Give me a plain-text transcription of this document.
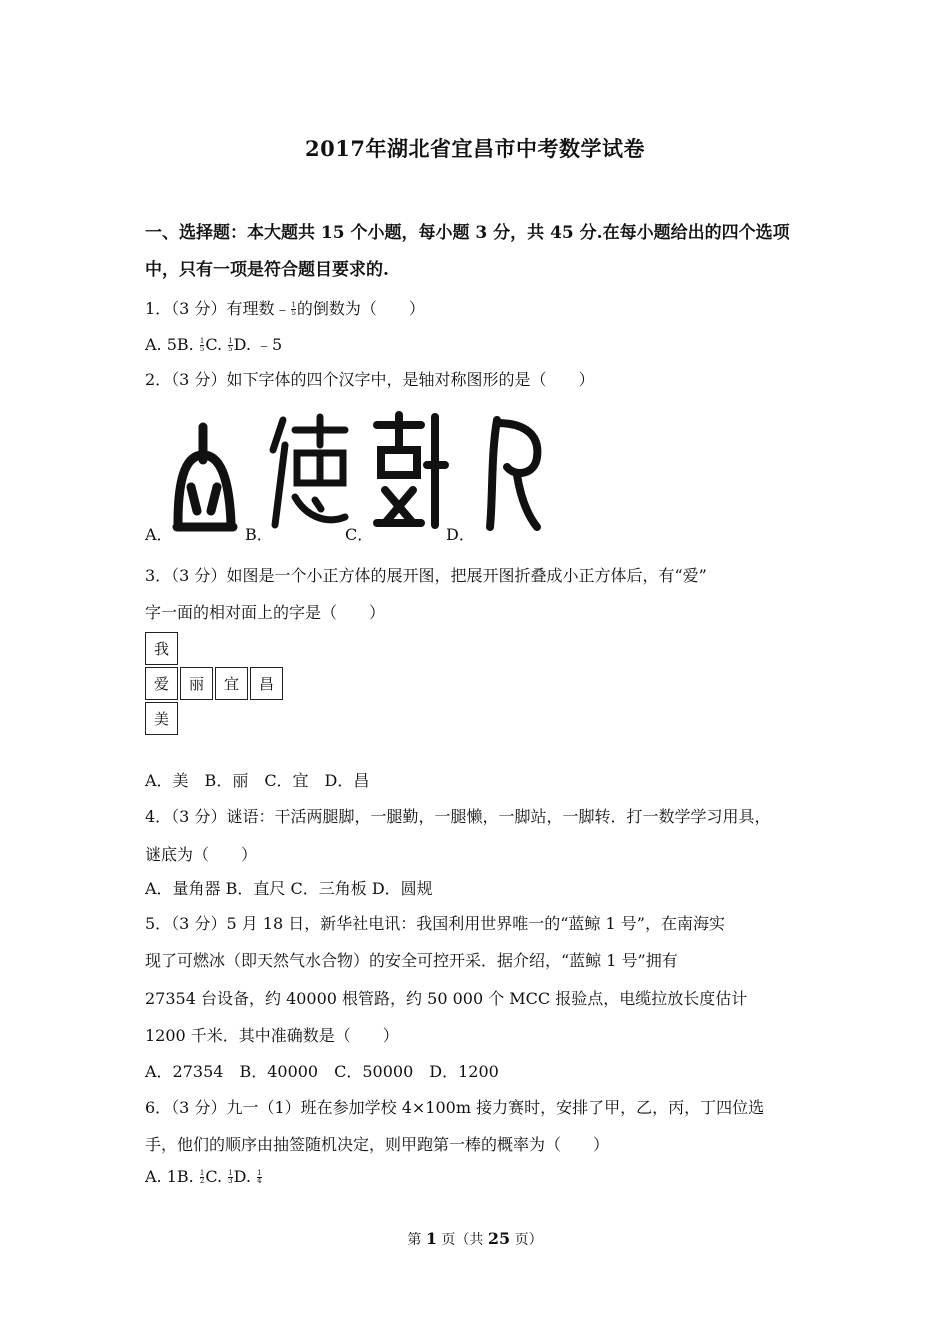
2017年湖北省宜昌市中考数学试卷
一、选择题：本大题共 15 个小题，每小题 3 分，共 45 分.在每小题给出的四个选项
中，只有一项是符合题目要求的.
1．（3 分）有理数﹣ $\frac{1}{5}$ 的倒数为（　　）
A. 5B. $\frac{1}{5} C$. $\frac{1}{5} D$. ﹣5
2．（3 分）如下字体的四个汉字中，是轴对称图形的是（　　）
A．	B．	C．	D．
3．（3 分）如图是一个小正方体的展开图，把展开图折叠成小正方体后，有“爱”
字一面的相对面上的字是（　　）
我
爱	丽	宜	昌
美
A．美　B．丽　C．宜　D．昌
4．（3 分）谜语：干活两腿脚，一腿勤，一腿懒，一脚站，一脚转．打一数学学习用具，
谜底为（　　）
A．量角器 B．直尺 C．三角板 D．圆规
5．（3 分）5 月 18 日，新华社电讯：我国利用世界唯一的“蓝鲸 1 号”，在南海实
现了可燃冰（即天然气水合物）的安全可控开采．据介绍，“蓝鲸 1 号”拥有
27354 台设备，约 40000 根管路，约 50 000 个 MCC 报验点，电缆拉放长度估计
1200 千米．其中准确数是（　　）
A．27354　B．40000　C．50000　D．1200
6．（3 分）九一（1）班在参加学校 4×100m 接力赛时，安排了甲，乙，丙，丁四位选
手，他们的顺序由抽签随机决定，则甲跑第一棒的概率为（　　）
A. 1B. $\frac{1}{2} C$. $\frac{1}{3} D$. $\frac{1}{4}$
第 1 页（共 25 页）
